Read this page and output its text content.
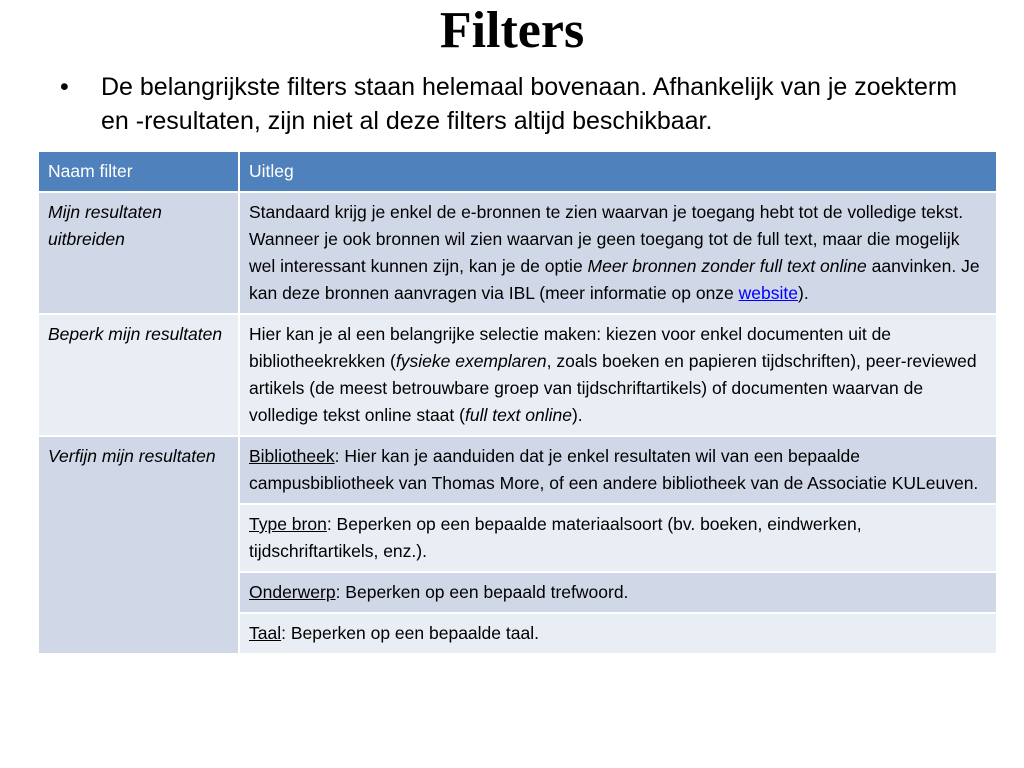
Filters
•	De belangrijkste filters staan helemaal bovenaan. Afhankelijk van je zoekterm en -resultaten, zijn niet al deze filters altijd beschikbaar.
Naam filter	Uitleg
Mijn resultaten uitbreiden	Standaard krijg je enkel de e-bronnen te zien waarvan je toegang hebt tot de volledige tekst. Wanneer je ook bronnen wil zien waarvan je geen toegang tot de full text, maar die mogelijk wel interessant kunnen zijn, kan je de optie Meer bronnen zonder full text online aanvinken. Je kan deze bronnen aanvragen via IBL (meer informatie op onze website).
Beperk mijn resultaten	Hier kan je al een belangrijke selectie maken: kiezen voor enkel documenten uit de bibliotheekrekken (fysieke exemplaren, zoals boeken en papieren tijdschriften), peer-reviewed artikels (de meest betrouwbare groep van tijdschriftartikels) of documenten waarvan de volledige tekst online staat (full text online).
Verfijn mijn resultaten	Bibliotheek: Hier kan je aanduiden dat je enkel resultaten wil van een bepaalde campusbibliotheek van Thomas More, of een andere bibliotheek van de Associatie KULeuven.
	Type bron: Beperken op een bepaalde materiaalsoort (bv. boeken, eindwerken, tijdschriftartikels, enz.).
	Onderwerp: Beperken op een bepaald trefwoord.
	Taal: Beperken op een bepaalde taal.
